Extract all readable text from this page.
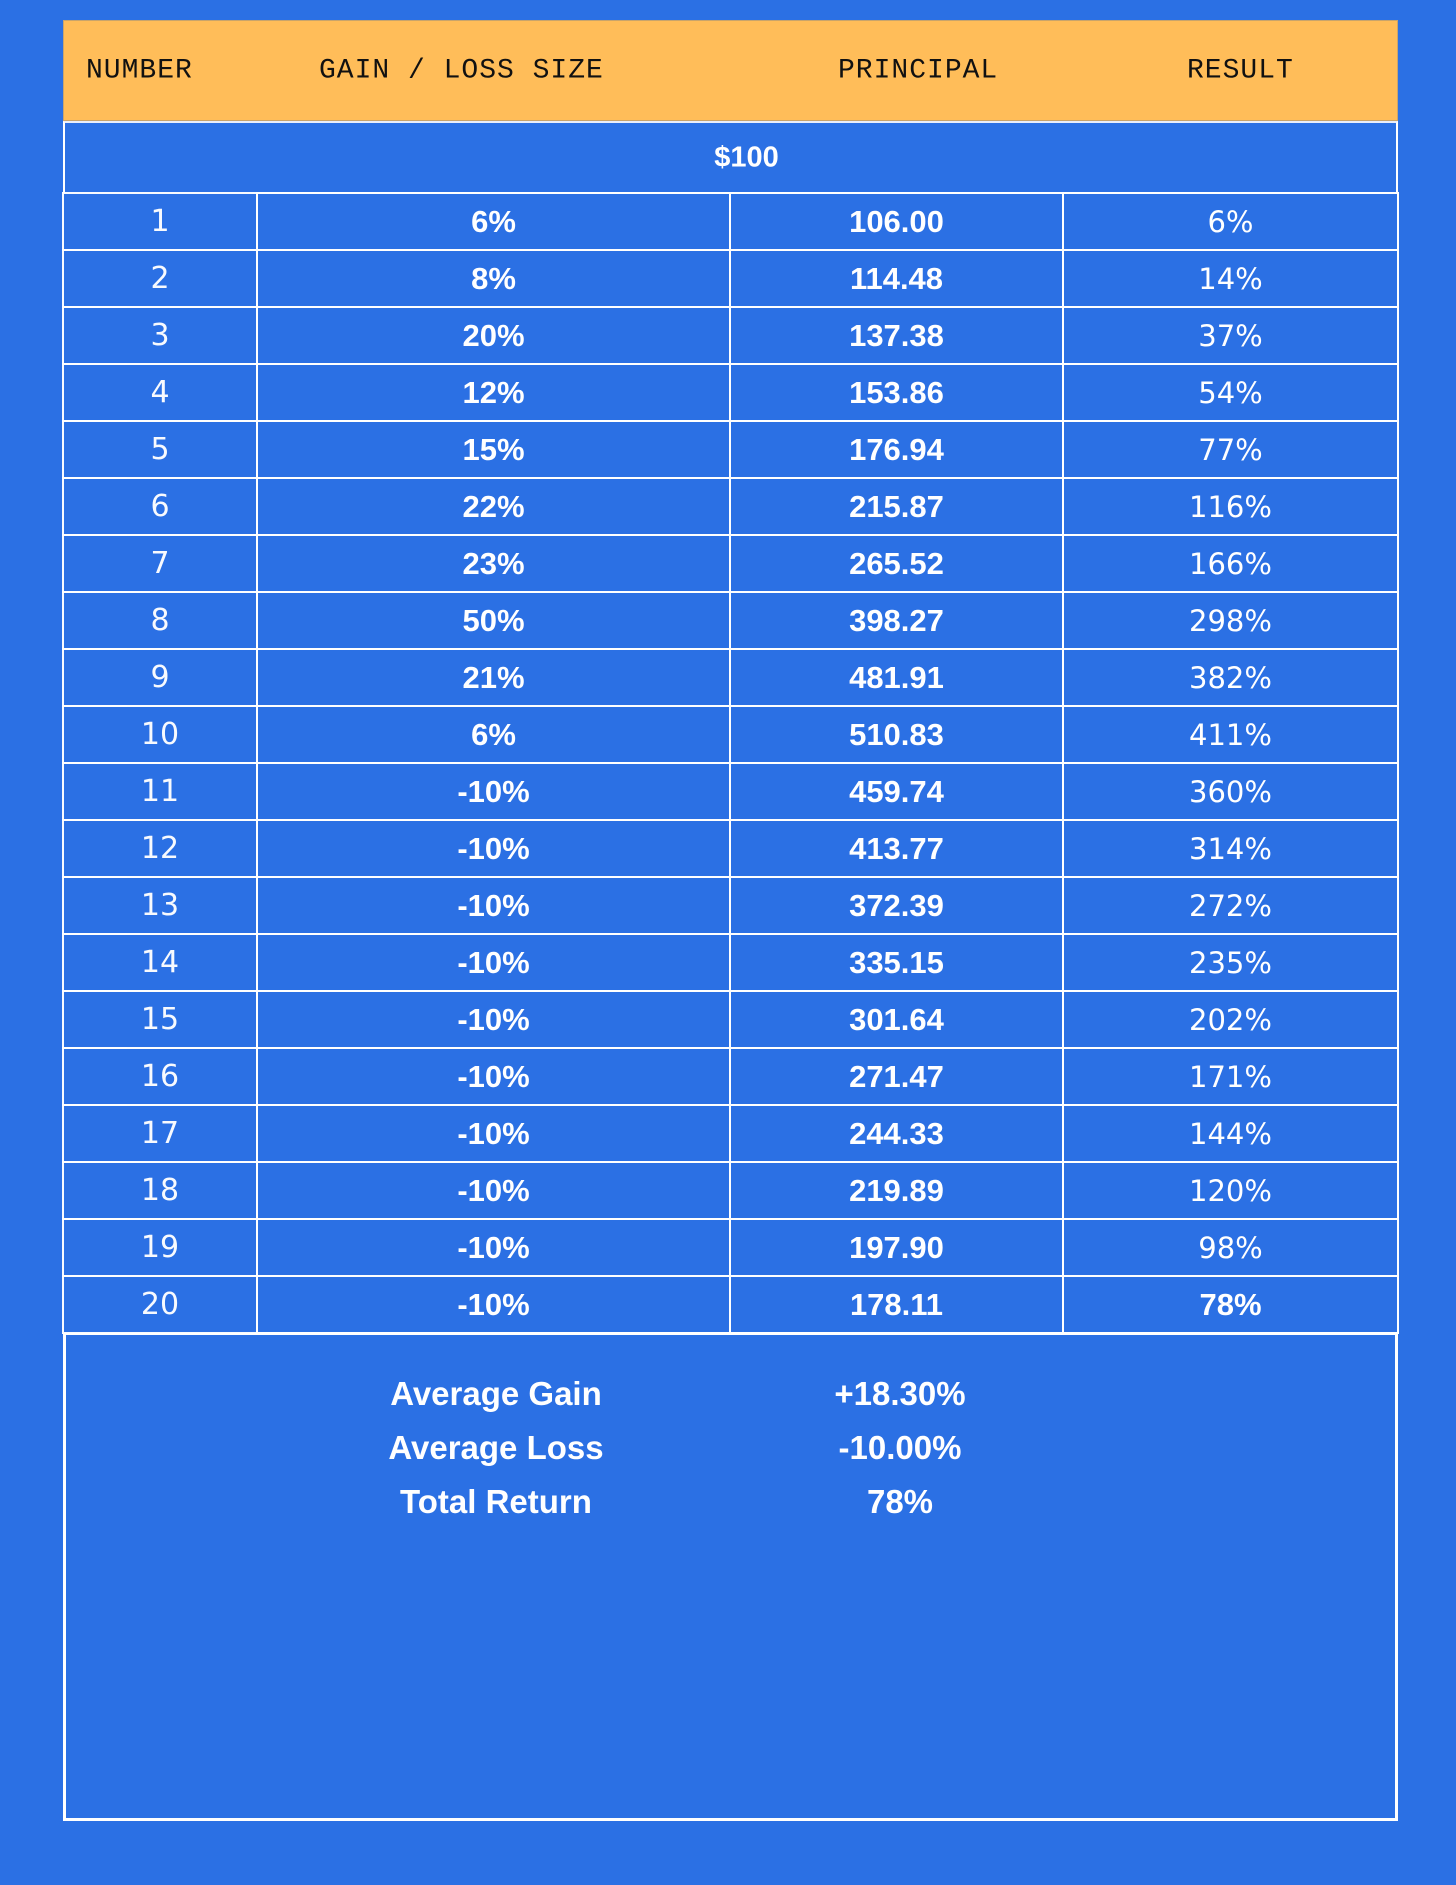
NUMBER	GAIN / LOSS SIZE	PRINCIPAL	RESULT
$100
1	6%	106.00	6%
2	8%	114.48	14%
3	20%	137.38	37%
4	12%	153.86	54%
5	15%	176.94	77%
6	22%	215.87	116%
7	23%	265.52	166%
8	50%	398.27	298%
9	21%	481.91	382%
10	6%	510.83	411%
11	-10%	459.74	360%
12	-10%	413.77	314%
13	-10%	372.39	272%
14	-10%	335.15	235%
15	-10%	301.64	202%
16	-10%	271.47	171%
17	-10%	244.33	144%
18	-10%	219.89	120%
19	-10%	197.90	98%
20	-10%	178.11	78%
Average Gain	+18.30%
Average Loss	-10.00%
Total Return	78%
